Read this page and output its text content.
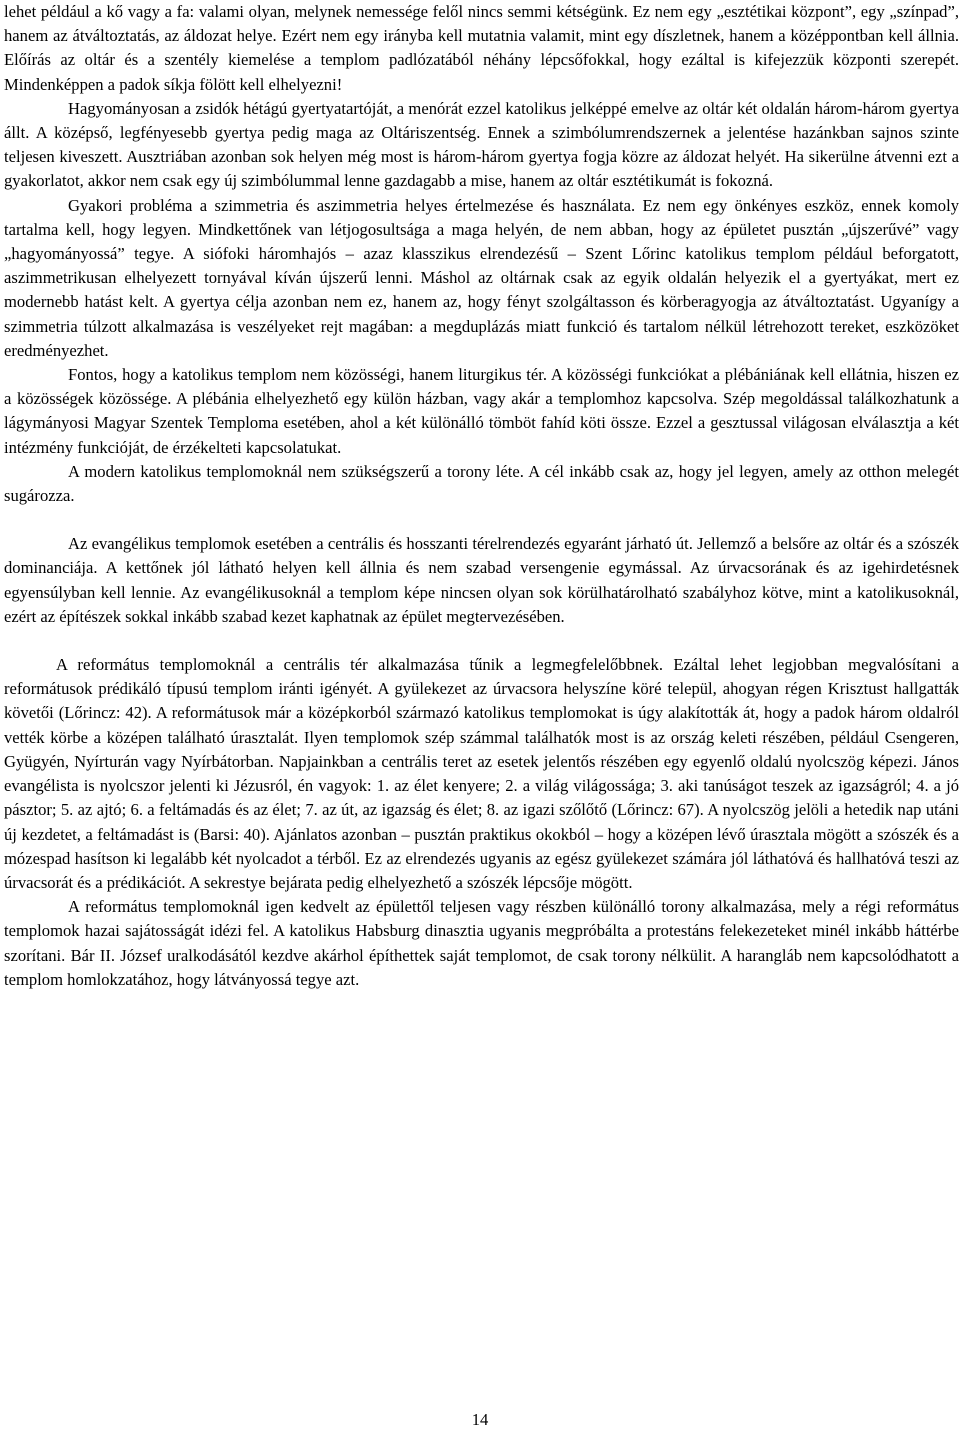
lehet például a kő vagy a fa: valami olyan, melynek nemessége felől nincs semmi kétségünk. Ez nem egy „esztétikai központ”, egy „színpad”, hanem az átváltoztatás, az áldozat helye. Ezért nem egy irányba kell mutatnia valamit, mint egy díszletnek, hanem a középpontban kell állnia. Előírás az oltár és a szentély kiemelése a templom padlózatából néhány lépcsőfokkal, hogy ezáltal is kifejezzük központi szerepét. Mindenképpen a padok síkja fölött kell elhelyezni!

Hagyományosan a zsidók hétágú gyertyatartóját, a menórát ezzel katolikus jelképpé emelve az oltár két oldalán három-három gyertya állt. A középső, legfényesebb gyertya pedig maga az Oltáriszentség. Ennek a szimbólumrendszernek a jelentése hazánkban sajnos szinte teljesen kiveszett. Ausztriában azonban sok helyen még most is három-három gyertya fogja közre az áldozat helyét. Ha sikerülne átvenni ezt a gyakorlatot, akkor nem csak egy új szimbólummal lenne gazdagabb a mise, hanem az oltár esztétikumát is fokozná.

Gyakori probléma a szimmetria és aszimmetria helyes értelmezése és használata. Ez nem egy önkényes eszköz, ennek komoly tartalma kell, hogy legyen. Mindkettőnek van létjogosultsága a maga helyén, de nem abban, hogy az épületet pusztán „újszerűvé” vagy „hagyományossá” tegye. A siófoki háromhajós – azaz klasszikus elrendezésű – Szent Lőrinc katolikus templom például beforgatott, aszimmetrikusan elhelyezett tornyával kíván újszerű lenni. Máshol az oltárnak csak az egyik oldalán helyezik el a gyertyákat, mert ez modernebb hatást kelt. A gyertya célja azonban nem ez, hanem az, hogy fényt szolgáltasson és körberagyogja az átváltoztatást. Ugyanígy a szimmetria túlzott alkalmazása is veszélyeket rejt magában: a megduplázás miatt funkció és tartalom nélkül létrehozott tereket, eszközöket eredményezhet.

Fontos, hogy a katolikus templom nem közösségi, hanem liturgikus tér. A közösségi funkciókat a plébániának kell ellátnia, hiszen ez a közösségek közössége. A plébánia elhelyezhető egy külön házban, vagy akár a templomhoz kapcsolva. Szép megoldással találkozhatunk a lágymányosi Magyar Szentek Temploma esetében, ahol a két különálló tömböt fahíd köti össze. Ezzel a gesztussal világosan elválasztja a két intézmény funkcióját, de érzékelteti kapcsolatukat.

A modern katolikus templomoknál nem szükségszerű a torony léte. A cél inkább csak az, hogy jel legyen, amely az otthon melegét sugározza.

Az evangélikus templomok esetében a centrális és hosszanti térelrendezés egyaránt járható út. Jellemző a belsőre az oltár és a szószék dominanciája. A kettőnek jól látható helyen kell állnia és nem szabad versengenie egymással. Az úrvacsorának és az igehirdetésnek egyensúlyban kell lennie. Az evangélikusoknál a templom képe nincsen olyan sok körülhatárolható szabályhoz kötve, mint a katolikusoknál, ezért az építészek sokkal inkább szabad kezet kaphatnak az épület megtervezésében.

A református templomoknál a centrális tér alkalmazása tűnik a legmegfelelőbbnek. Ezáltal lehet legjobban megvalósítani a reformátusok prédikáló típusú templom iránti igényét. A gyülekezet az úrvacsora helyszíne köré települ, ahogyan régen Krisztust hallgatták követői (Lőrincz: 42). A reformátusok már a középkorból származó katolikus templomokat is úgy alakították át, hogy a padok három oldalról vették körbe a középen található úrasztalát. Ilyen templomok szép számmal találhatók most is az ország keleti részében, például Csengeren, Gyügyén, Nyírturán vagy Nyírbátorban. Napjainkban a centrális teret az esetek jelentős részében egy egyenlő oldalú nyolcszög képezi. János evangélista is nyolcszor jelenti ki Jézusról, én vagyok: 1. az élet kenyere; 2. a világ világossága; 3. aki tanúságot teszek az igazságról; 4. a jó pásztor; 5. az ajtó; 6. a feltámadás és az élet; 7. az út, az igazság és élet; 8. az igazi szőlőtő (Lőrincz: 67). A nyolcszög jelöli a hetedik nap utáni új kezdetet, a feltámadást is (Barsi: 40). Ajánlatos azonban – pusztán praktikus okokból – hogy a középen lévő úrasztala mögött a szószék és a mózespad hasítson ki legalább két nyolcadot a térből. Ez az elrendezés ugyanis az egész gyülekezet számára jól láthatóvá és hallhatóvá teszi az úrvacsorát és a prédikációt. A sekrestye bejárata pedig elhelyezhető a szószék lépcsője mögött.

A református templomoknál igen kedvelt az épülettől teljesen vagy részben különálló torony alkalmazása, mely a régi református templomok hazai sajátosságát idézi fel. A katolikus Habsburg dinasztia ugyanis megpróbálta a protestáns felekezeteket minél inkább háttérbe szorítani. Bár II. József uralkodásától kezdve akárhol építhettek saját templomot, de csak torony nélkülit. A harangláb nem kapcsolódhatott a templom homlokzatához, hogy látványossá tegye azt.

14
